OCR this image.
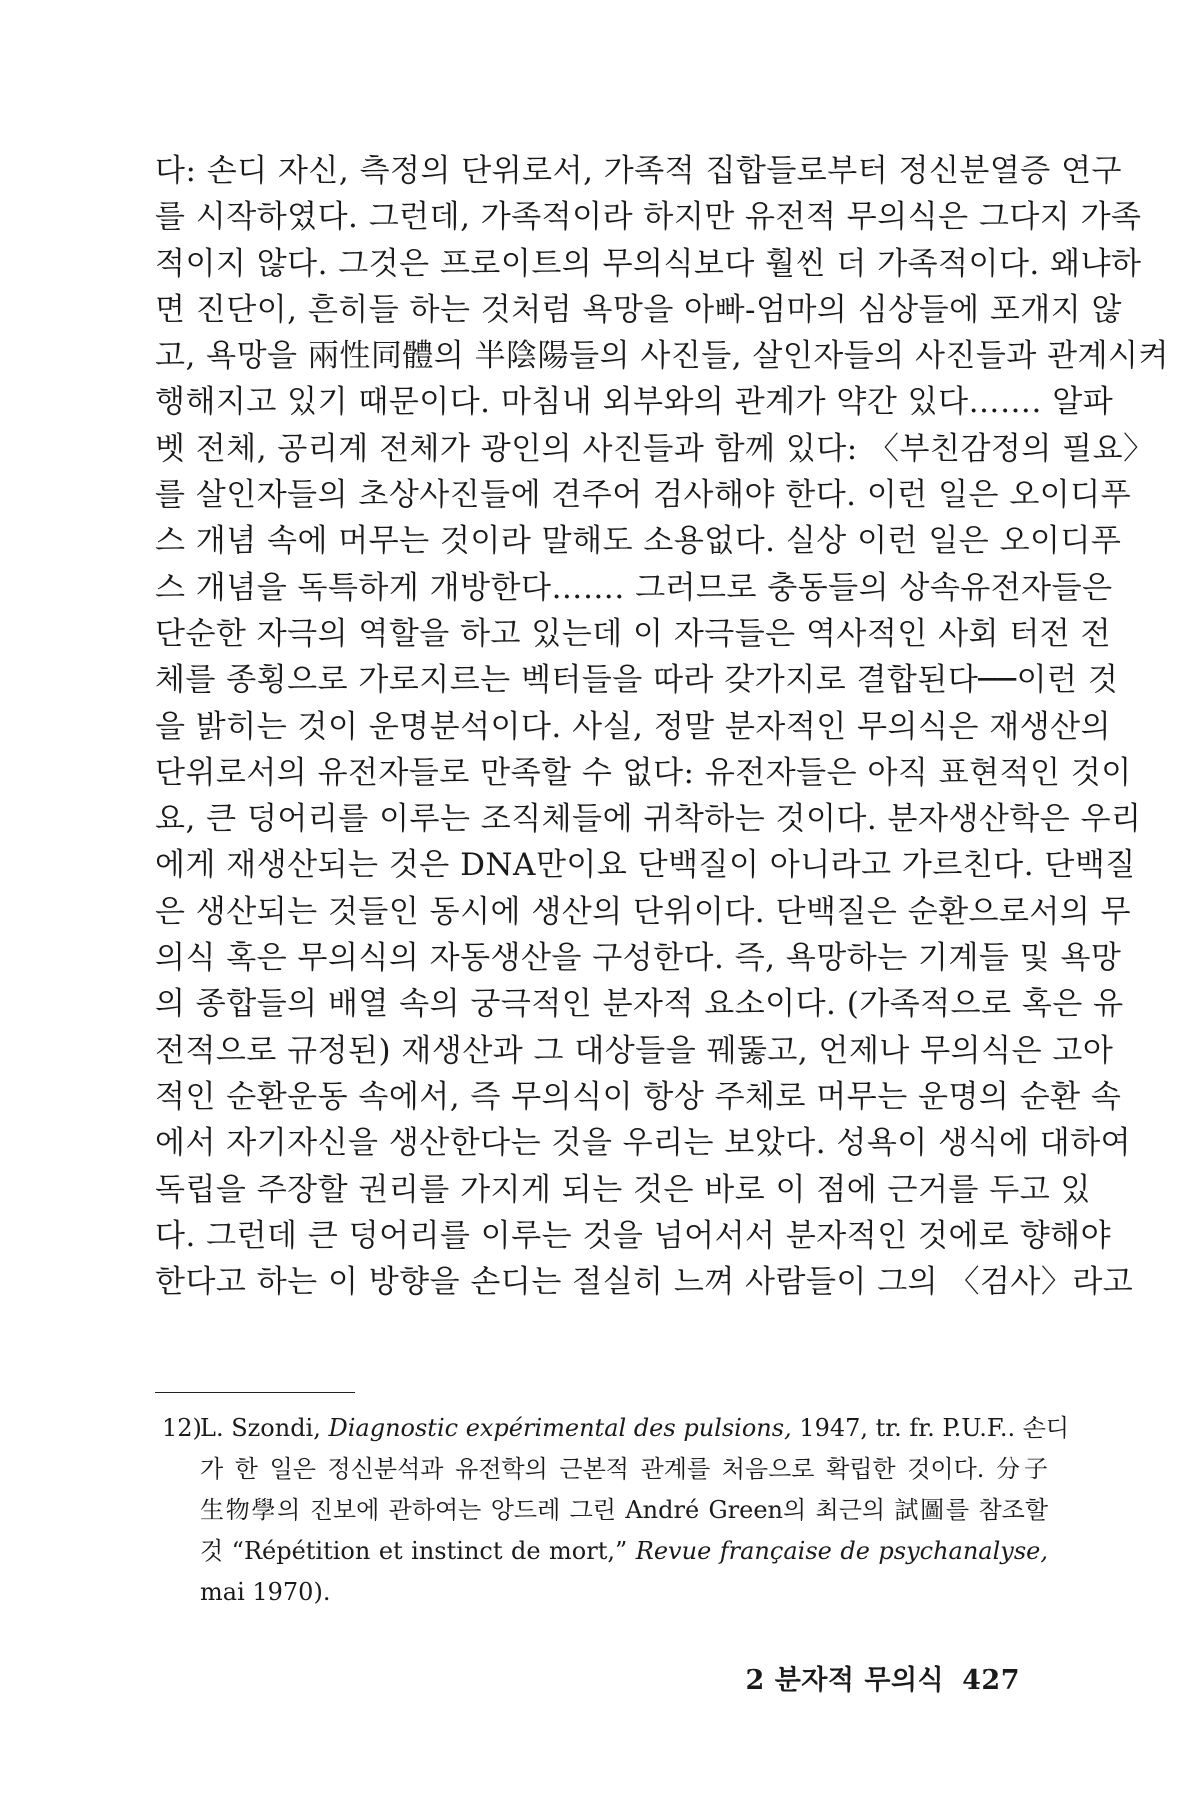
다: 손디 자신, 측정의 단위로서, 가족적 집합들로부터 정신분열증 연구
를 시작하였다. 그런데, 가족적이라 하지만 유전적 무의식은 그다지 가족
적이지 않다. 그것은 프로이트의 무의식보다 훨씬 더 가족적이다. 왜냐하
면 진단이, 흔히들 하는 것처럼 욕망을 아빠-엄마의 심상들에 포개지 않
고, 욕망을 兩性同體의 半陰陽들의 사진들, 살인자들의 사진들과 관계시켜
행해지고 있기 때문이다. 마침내 외부와의 관계가 약간 있다……. 알파
벳 전체, 공리계 전체가 광인의 사진들과 함께 있다: 〈부친감정의 필요〉
를 살인자들의 초상사진들에 견주어 검사해야 한다. 이런 일은 오이디푸
스 개념 속에 머무는 것이라 말해도 소용없다. 실상 이런 일은 오이디푸
스 개념을 독특하게 개방한다……. 그러므로 충동들의 상속유전자들은
단순한 자극의 역할을 하고 있는데 이 자극들은 역사적인 사회 터전 전
체를 종횡으로 가로지르는 벡터들을 따라 갖가지로 결합된다──이런 것
을 밝히는 것이 운명분석이다. 사실, 정말 분자적인 무의식은 재생산의
단위로서의 유전자들로 만족할 수 없다: 유전자들은 아직 표현적인 것이
요, 큰 덩어리를 이루는 조직체들에 귀착하는 것이다. 분자생산학은 우리
에게 재생산되는 것은 DNA만이요 단백질이 아니라고 가르친다. 단백질
은 생산되는 것들인 동시에 생산의 단위이다. 단백질은 순환으로서의 무
의식 혹은 무의식의 자동생산을 구성한다. 즉, 욕망하는 기계들 및 욕망
의 종합들의 배열 속의 궁극적인 분자적 요소이다. (가족적으로 혹은 유
전적으로 규정된) 재생산과 그 대상들을 꿰뚫고, 언제나 무의식은 고아
적인 순환운동 속에서, 즉 무의식이 항상 주체로 머무는 운명의 순환 속
에서 자기자신을 생산한다는 것을 우리는 보았다. 성욕이 생식에 대하여
독립을 주장할 권리를 가지게 되는 것은 바로 이 점에 근거를 두고 있
다. 그런데 큰 덩어리를 이루는 것을 넘어서서 분자적인 것에로 향해야
한다고 하는 이 방향을 손디는 절실히 느껴 사람들이 그의 〈검사〉라고
12)L. Szondi, Diagnostic expérimental des pulsions, 1947, tr. fr. P.U.F.. 손디
가 한 일은 정신분석과 유전학의 근본적 관계를 처음으로 확립한 것이다. 分子
生物學의 진보에 관하여는 앙드레 그린 André Green의 최근의 試圖를 참조할
것 “Répétition et instinct de mort,” Revue française de psychanalyse,
mai 1970).
2 분자적 무의식 427
